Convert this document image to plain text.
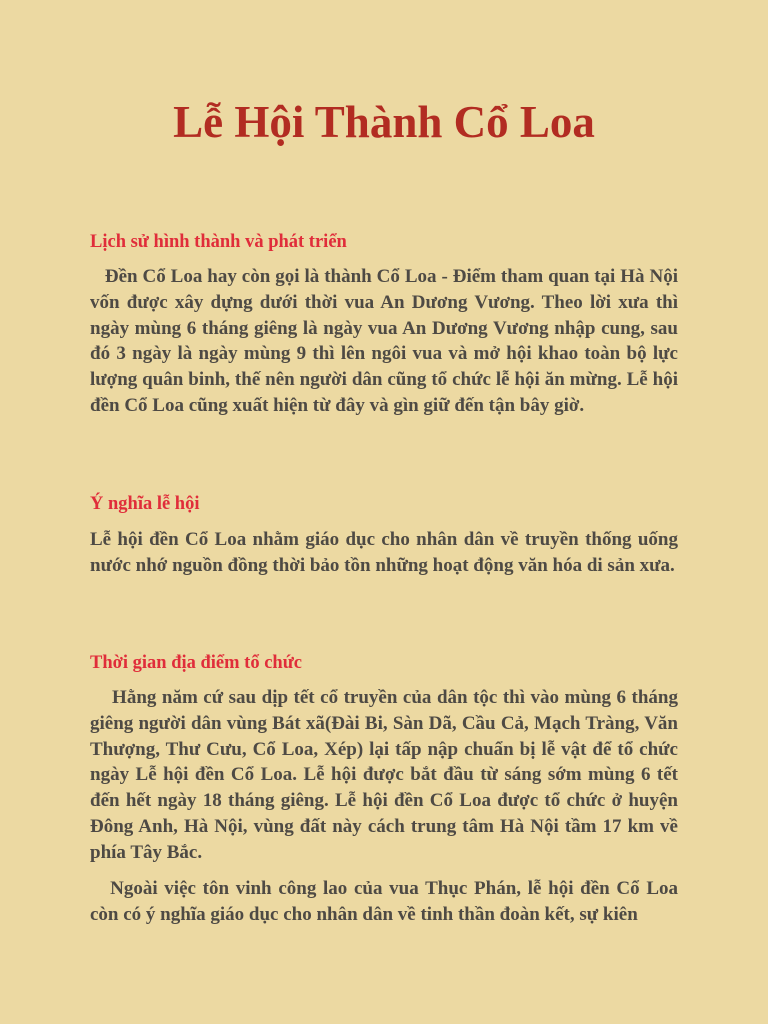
Lễ Hội Thành Cổ Loa
Lịch sử hình thành và phát triển

Đền Cổ Loa hay còn gọi là thành Cổ Loa - Điểm tham quan tại Hà Nội vốn được xây dựng dưới thời vua An Dương Vương. Theo lời xưa thì ngày mùng 6 tháng giêng là ngày vua An Dương Vương nhập cung, sau đó 3 ngày là ngày mùng 9 thì lên ngôi vua và mở hội khao toàn bộ lực lượng quân binh, thế nên người dân cũng tổ chức lễ hội ăn mừng. Lễ hội đền Cổ Loa cũng xuất hiện từ đây và gìn giữ đến tận bây giờ.

Ý nghĩa lễ hội

Lễ hội đền Cổ Loa nhằm giáo dục cho nhân dân về truyền thống uống nước nhớ nguồn đồng thời bảo tồn những hoạt động văn hóa di sản xưa.

Thời gian địa điểm tổ chức

Hằng năm cứ sau dịp tết cổ truyền của dân tộc thì vào mùng 6 tháng giêng người dân vùng Bát xã(Đài Bi, Sàn Dã, Cầu Cả, Mạch Tràng, Văn Thượng, Thư Cưu, Cổ Loa, Xép) lại tấp nập chuẩn bị lễ vật để tổ chức ngày Lễ hội đền Cổ Loa. Lễ hội được bắt đầu từ sáng sớm mùng 6 tết đến hết ngày 18 tháng giêng. Lễ hội đền Cổ Loa được tổ chức ở huyện Đông Anh, Hà Nội, vùng đất này cách trung tâm Hà Nội tầm 17 km về phía Tây Bắc.

Ngoài việc tôn vinh công lao của vua Thục Phán, lễ hội đền Cổ Loa còn có ý nghĩa giáo dục cho nhân dân về tinh thần đoàn kết, sự kiên
